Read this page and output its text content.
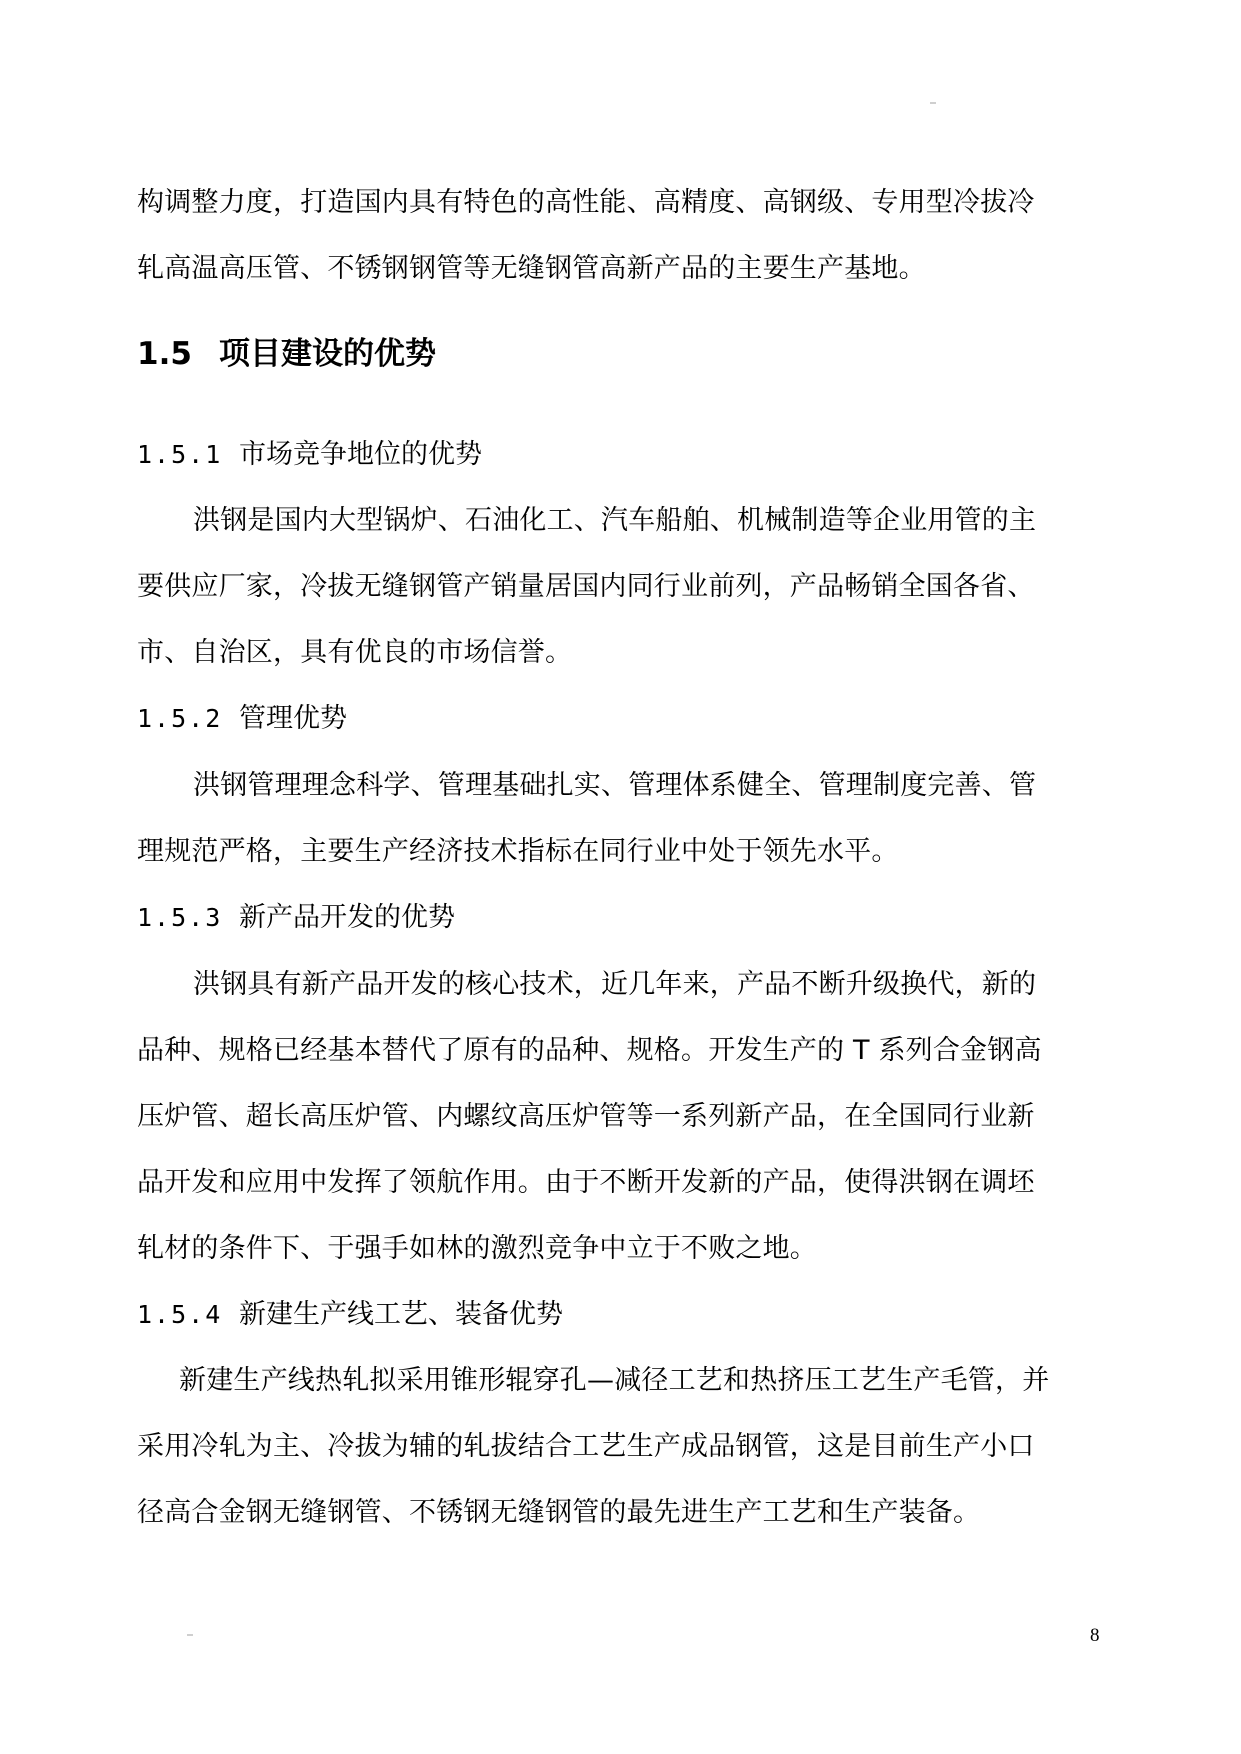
构调整力度，打造国内具有特色的高性能、高精度、高钢级、专用型冷拔冷
轧高温高压管、不锈钢钢管等无缝钢管高新产品的主要生产基地。
1.5 项目建设的优势
1.5.1 市场竞争地位的优势
洪钢是国内大型锅炉、石油化工、汽车船舶、机械制造等企业用管的主
要供应厂家，冷拔无缝钢管产销量居国内同行业前列，产品畅销全国各省、
市、自治区，具有优良的市场信誉。
1.5.2 管理优势
洪钢管理理念科学、管理基础扎实、管理体系健全、管理制度完善、管
理规范严格，主要生产经济技术指标在同行业中处于领先水平。
1.5.3 新产品开发的优势
洪钢具有新产品开发的核心技术，近几年来，产品不断升级换代，新的
品种、规格已经基本替代了原有的品种、规格。开发生产的 T 系列合金钢高
压炉管、超长高压炉管、内螺纹高压炉管等一系列新产品，在全国同行业新
品开发和应用中发挥了领航作用。由于不断开发新的产品，使得洪钢在调坯
轧材的条件下、于强手如林的激烈竞争中立于不败之地。
1.5.4 新建生产线工艺、装备优势
新建生产线热轧拟采用锥形辊穿孔—减径工艺和热挤压工艺生产毛管，并
采用冷轧为主、冷拔为辅的轧拔结合工艺生产成品钢管，这是目前生产小口
径高合金钢无缝钢管、不锈钢无缝钢管的最先进生产工艺和生产装备。
8
